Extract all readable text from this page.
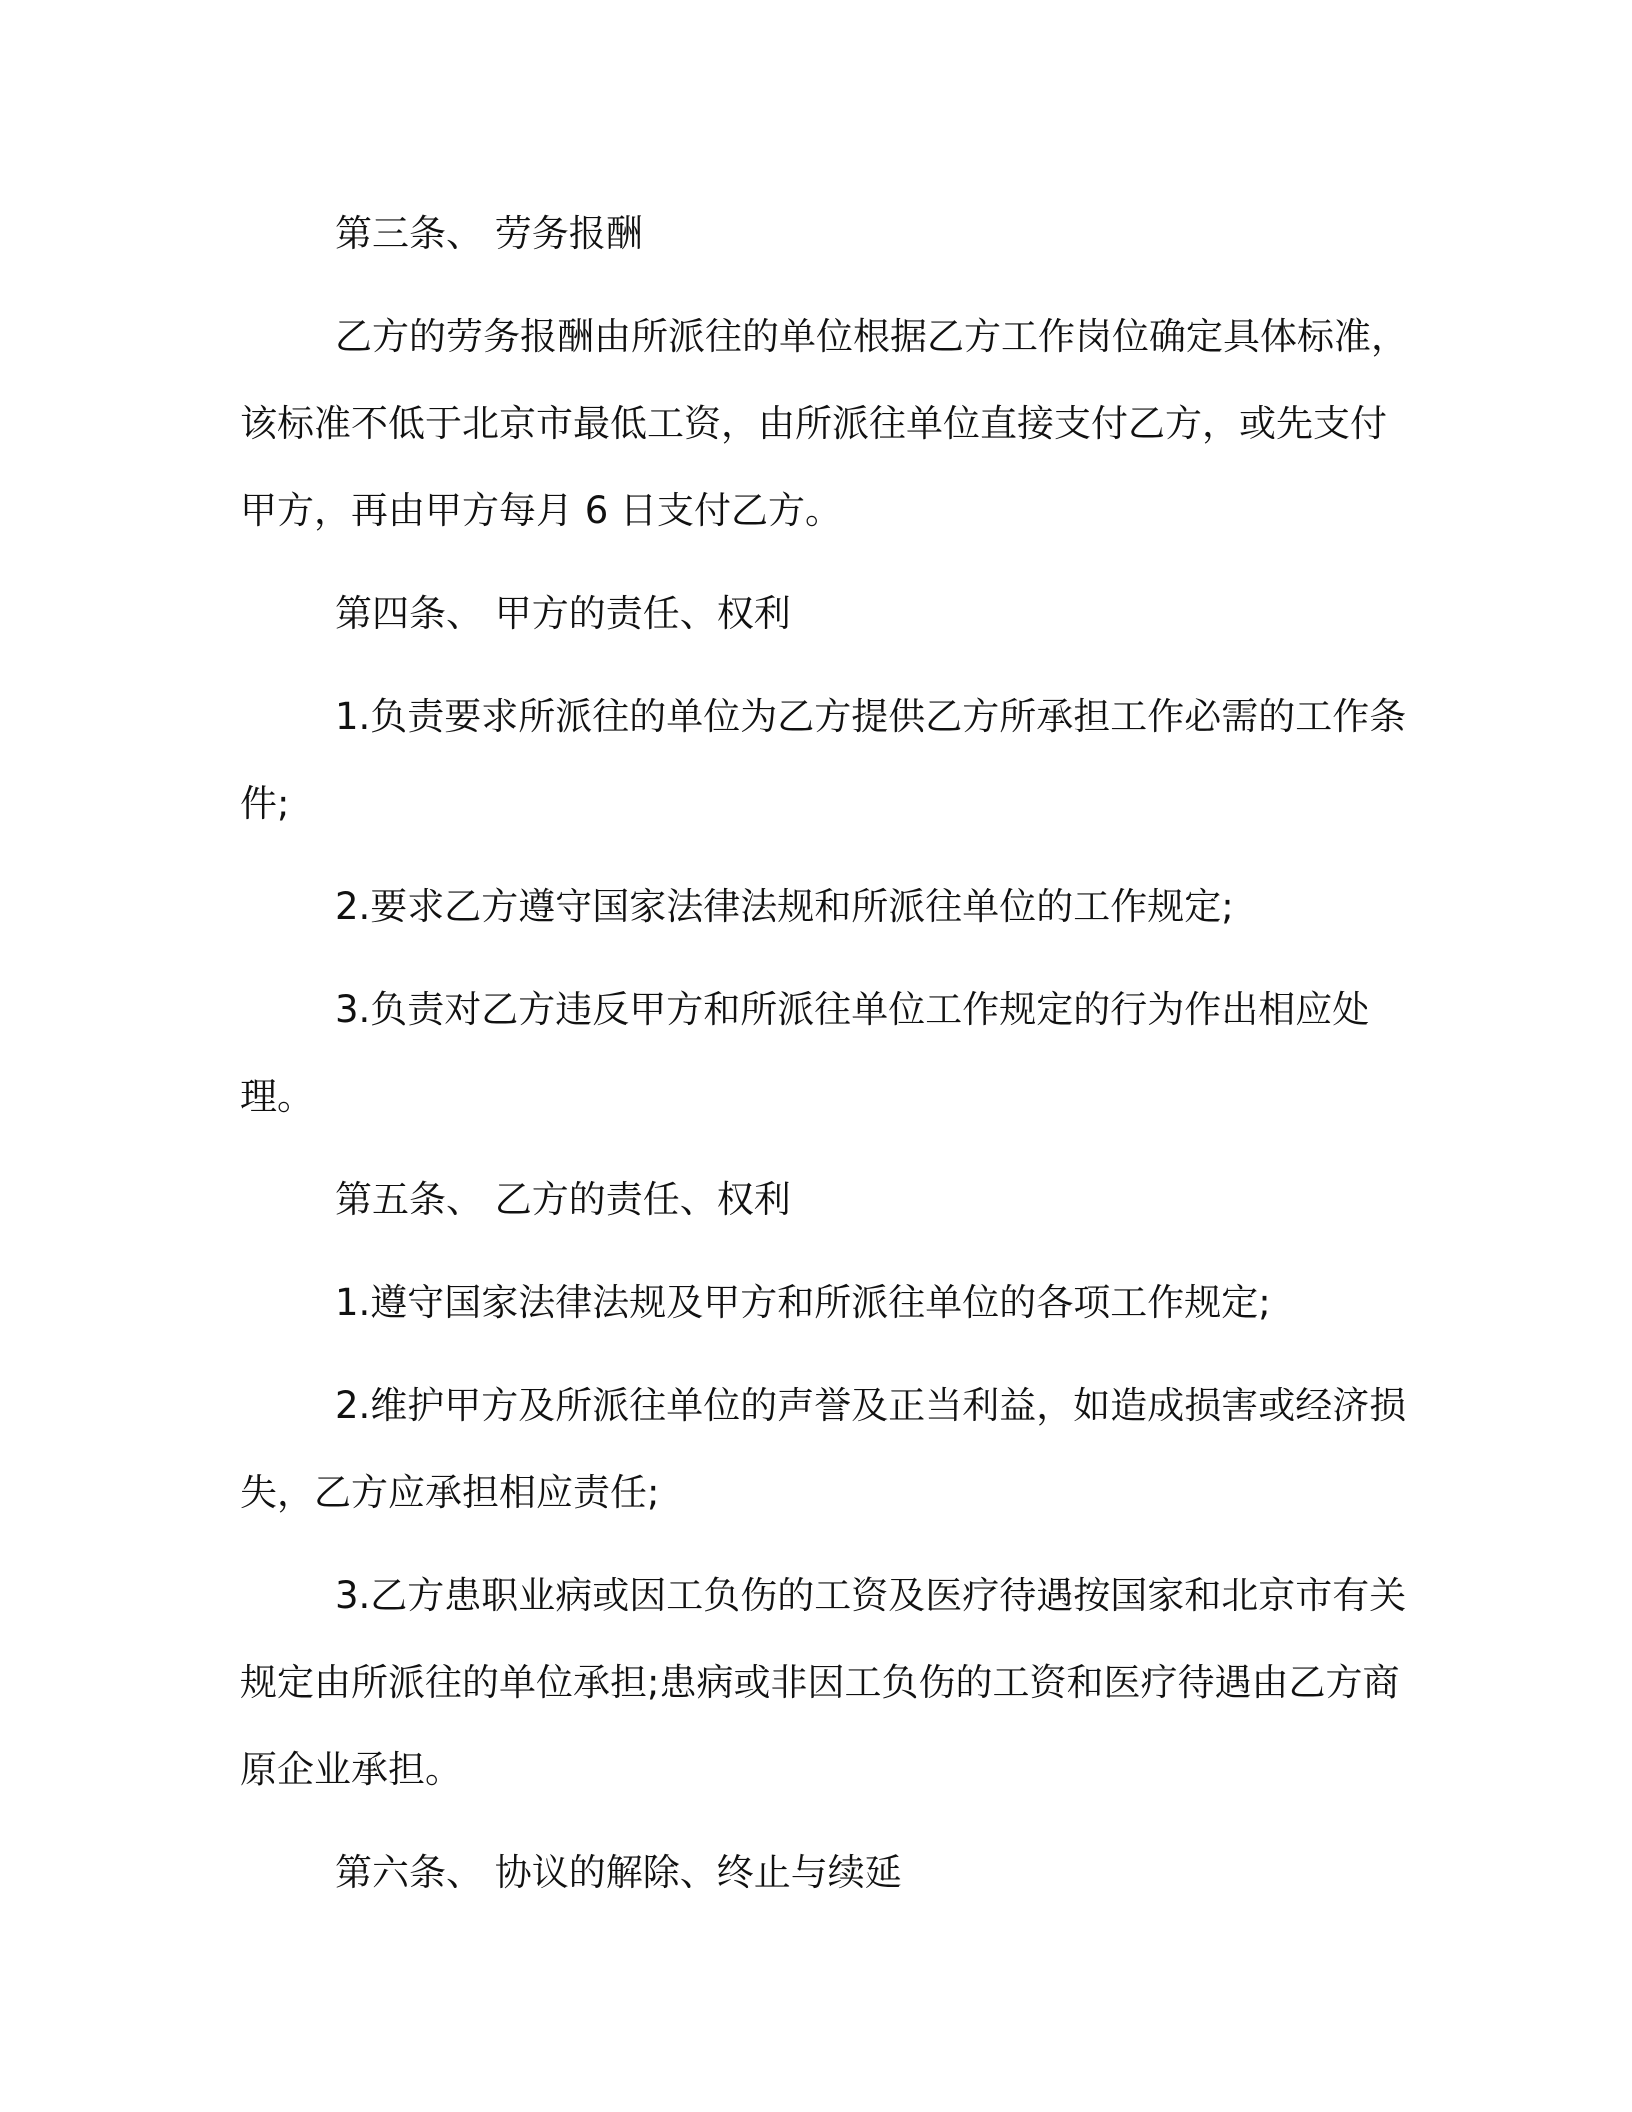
第三条、 劳务报酬

乙方的劳务报酬由所派往的单位根据乙方工作岗位确定具体标准，该标准不低于北京市最低工资，由所派往单位直接支付乙方，或先支付甲方，再由甲方每月 6 日支付乙方。

第四条、 甲方的责任、权利

1.负责要求所派往的单位为乙方提供乙方所承担工作必需的工作条件;

2.要求乙方遵守国家法律法规和所派往单位的工作规定;

3.负责对乙方违反甲方和所派往单位工作规定的行为作出相应处理。

第五条、 乙方的责任、权利

1.遵守国家法律法规及甲方和所派往单位的各项工作规定;

2.维护甲方及所派往单位的声誉及正当利益，如造成损害或经济损失，乙方应承担相应责任;

3.乙方患职业病或因工负伤的工资及医疗待遇按国家和北京市有关规定由所派往的单位承担;患病或非因工负伤的工资和医疗待遇由乙方商原企业承担。

第六条、 协议的解除、终止与续延
